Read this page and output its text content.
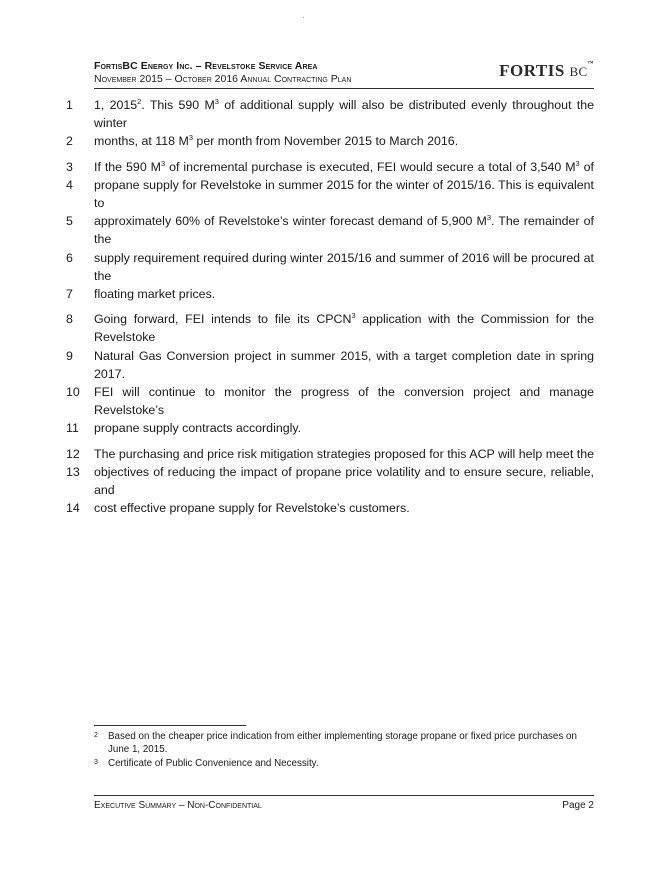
FortisBC Energy Inc. – Revelstoke Service Area
November 2015 – October 2016 Annual Contracting Plan	FORTIS BC™
1	1, 2015$^2$. This 590 $M^3$ of additional supply will also be distributed evenly throughout the winter
2	months, at 118 $M^3$ per month from November 2015 to March 2016.
3	If the 590 $M^3$ of incremental purchase is executed, FEI would secure a total of 3,540 $M^3$ of
4	propane supply for Revelstoke in summer 2015 for the winter of 2015/16. This is equivalent to
5	approximately 60% of Revelstoke’s winter forecast demand of 5,900 $M^3$. The remainder of the
6	supply requirement required during winter 2015/16 and summer of 2016 will be procured at the
7	floating market prices.
8	Going forward, FEI intends to file its CPCN$^3$ application with the Commission for the Revelstoke
9	Natural Gas Conversion project in summer 2015, with a target completion date in spring 2017.
10	FEI will continue to monitor the progress of the conversion project and manage Revelstoke’s
11	propane supply contracts accordingly.
12	The purchasing and price risk mitigation strategies proposed for this ACP will help meet the
13	objectives of reducing the impact of propane price volatility and to ensure secure, reliable, and
14	cost effective propane supply for Revelstoke’s customers.
2	Based on the cheaper price indication from either implementing storage propane or fixed price purchases on June 1, 2015.
3	Certificate of Public Convenience and Necessity.
Executive Summary – Non-Confidential	Page 2
